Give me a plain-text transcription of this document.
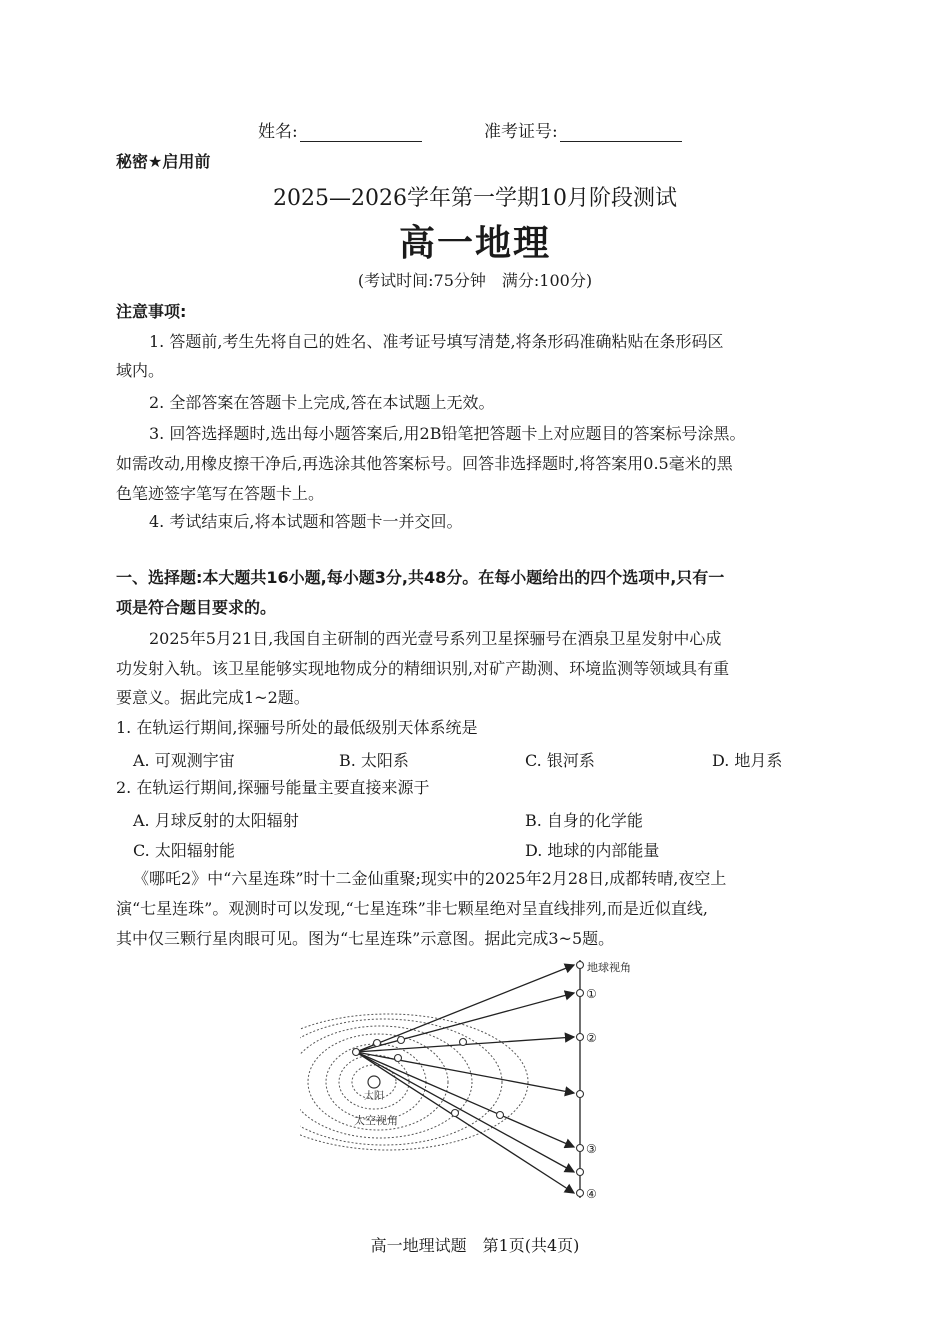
姓名:	准考证号:
秘密★启用前
2025—2026学年第一学期10月阶段测试
高一地理
(考试时间:75分钟　满分:100分)
注意事项:
1. 答题前,考生先将自己的姓名、准考证号填写清楚,将条形码准确粘贴在条形码区
域内。
2. 全部答案在答题卡上完成,答在本试题上无效。
3. 回答选择题时,选出每小题答案后,用2B铅笔把答题卡上对应题目的答案标号涂黑。
如需改动,用橡皮擦干净后,再选涂其他答案标号。回答非选择题时,将答案用0.5毫米的黑
色笔迹签字笔写在答题卡上。
4. 考试结束后,将本试题和答题卡一并交回。
一、选择题:本大题共16小题,每小题3分,共48分。在每小题给出的四个选项中,只有一
项是符合题目要求的。
2025年5月21日,我国自主研制的西光壹号系列卫星探骊号在酒泉卫星发射中心成
功发射入轨。该卫星能够实现地物成分的精细识别,对矿产勘测、环境监测等领域具有重
要意义。据此完成1~2题。
1. 在轨运行期间,探骊号所处的最低级别天体系统是
A. 可观测宇宙	B. 太阳系	C. 银河系	D. 地月系
2. 在轨运行期间,探骊号能量主要直接来源于
A. 月球反射的太阳辐射	B. 自身的化学能
C. 太阳辐射能	D. 地球的内部能量
《哪吒2》中“六星连珠”时十二金仙重聚;现实中的2025年2月28日,成都转晴,夜空上
演“七星连珠”。观测时可以发现,“七星连珠”非七颗星绝对呈直线排列,而是近似直线,
其中仅三颗行星肉眼可见。图为“七星连珠”示意图。据此完成3~5题。
太阳
太空视角
地球视角
①
②
③
④
高一地理试题　第1页(共4页)
